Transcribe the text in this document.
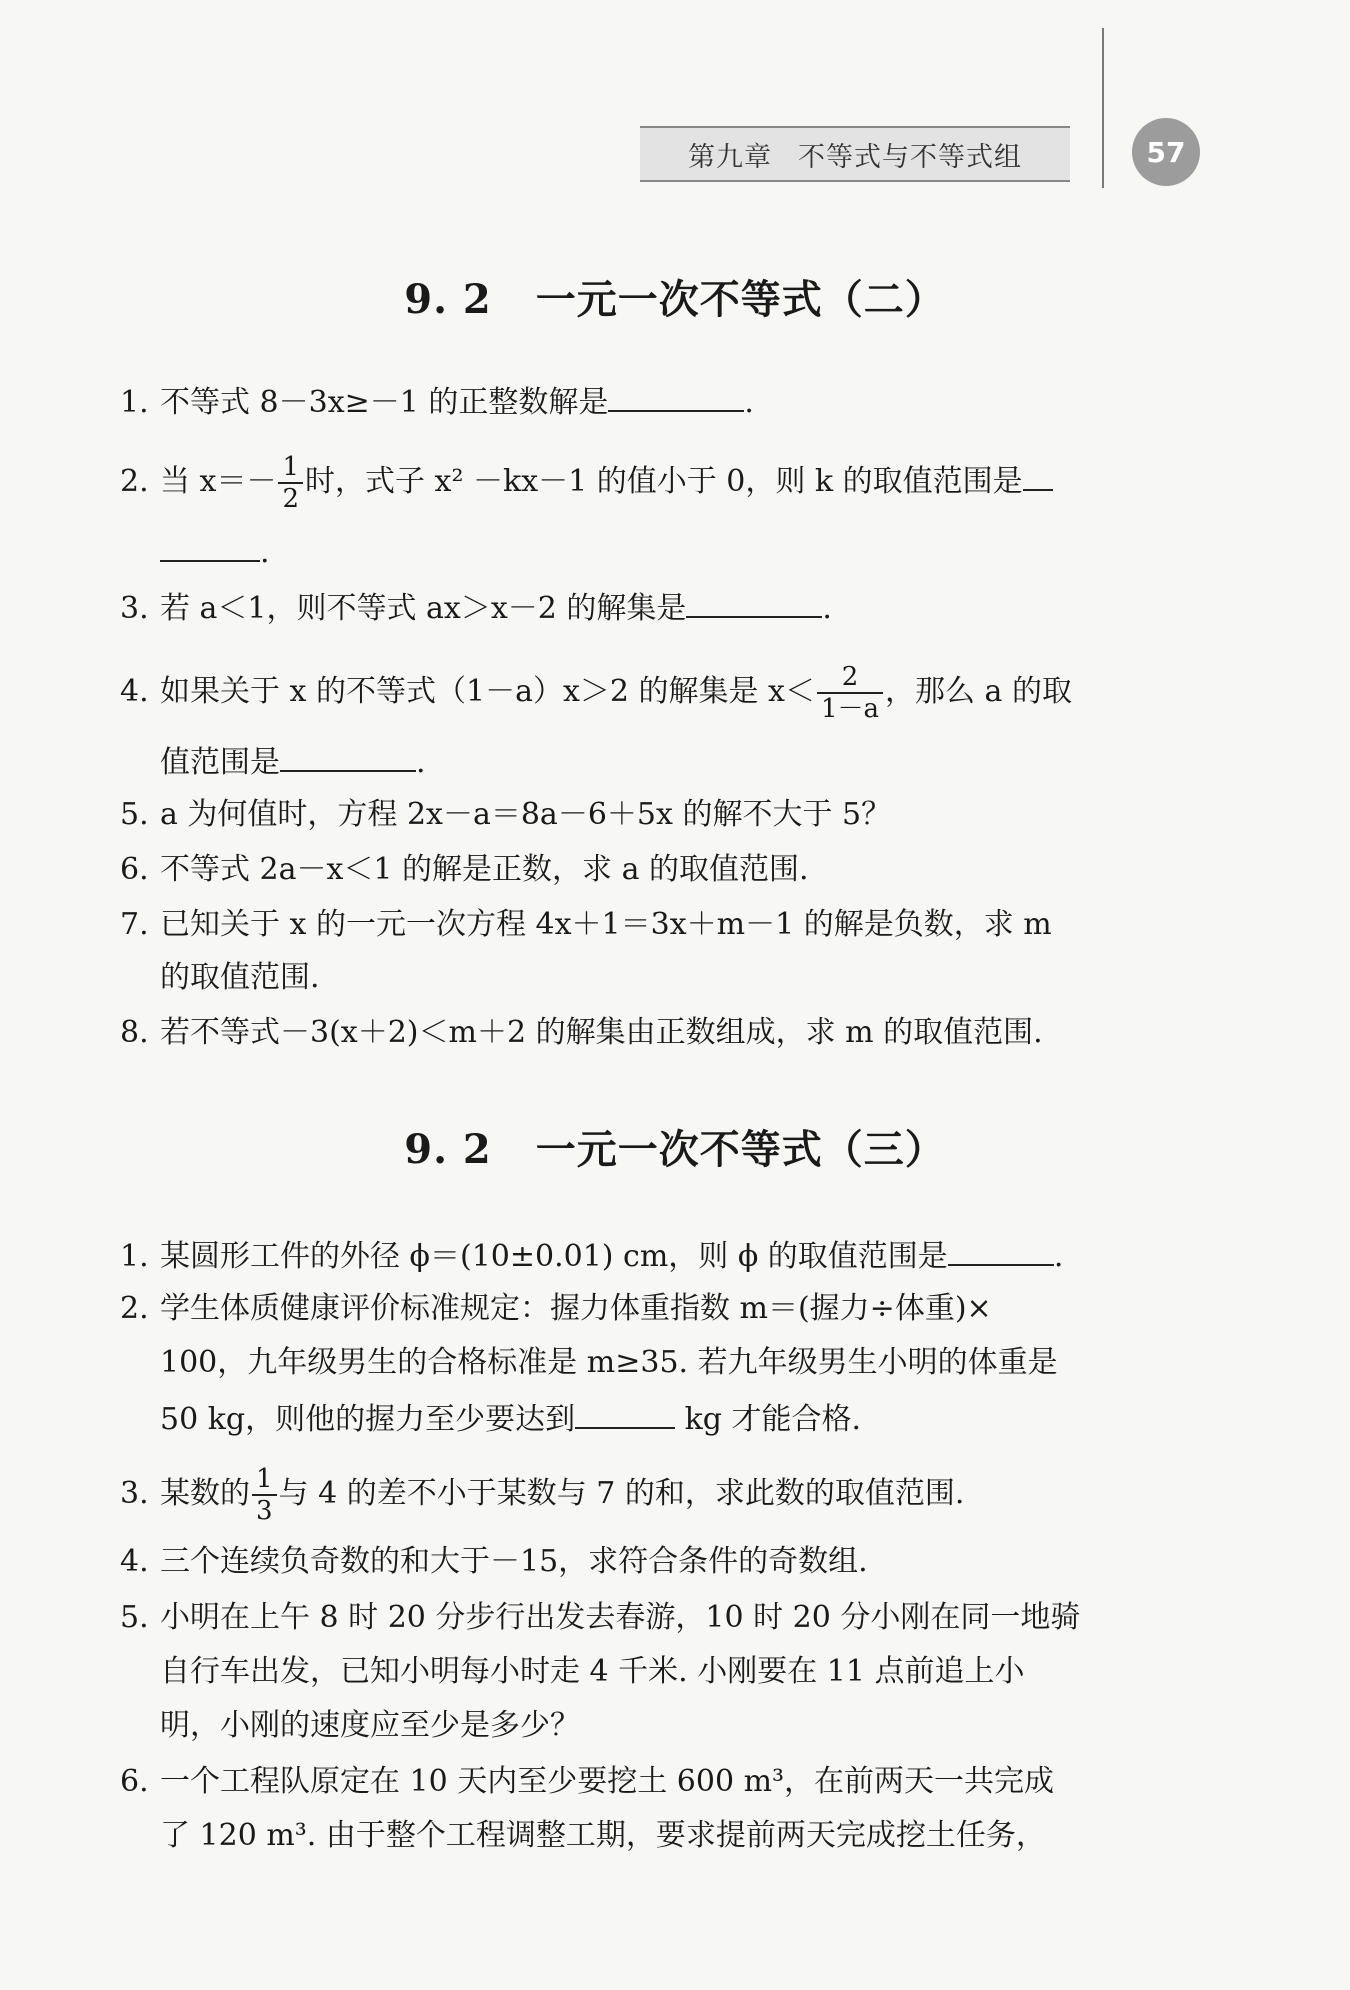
第九章 不等式与不等式组	57
9. 2 一元一次不等式（二）
1. 不等式 8－3x≥－1 的正整数解是	.
2. 当 $x=- \frac{1}{2}$ 时，式子 x² －kx－1 的值小于 0，则 k 的取值范围是
.
3. 若 a＜1，则不等式 ax＞x－2 的解集是	.
4. 如果关于 x 的不等式（1－a）x＞2 的解集是 $x< \frac{2}{1-a}$ ，那么 a 的取
值范围是	.
5. a 为何值时，方程 2x－a＝8a－6＋5x 的解不大于 5？
6. 不等式 2a－x＜1 的解是正数，求 a 的取值范围.
7. 已知关于 x 的一元一次方程 4x＋1＝3x＋m－1 的解是负数，求 m
的取值范围.
8. 若不等式－3(x＋2)＜m＋2 的解集由正数组成，求 m 的取值范围.
9. 2 一元一次不等式（三）
1. 某圆形工件的外径 ϕ＝(10±0.01) cm，则 ϕ 的取值范围是	.
2. 学生体质健康评价标准规定：握力体重指数 m＝(握力÷体重)×
100，九年级男生的合格标准是 m≥35. 若九年级男生小明的体重是
50 kg，则他的握力至少要达到	kg 才能合格.
3. 某数的 $\frac{1}{3}$ 与 4 的差不小于某数与 7 的和，求此数的取值范围.
4. 三个连续负奇数的和大于－15，求符合条件的奇数组.
5. 小明在上午 8 时 20 分步行出发去春游，10 时 20 分小刚在同一地骑
自行车出发，已知小明每小时走 4 千米. 小刚要在 11 点前追上小
明，小刚的速度应至少是多少？
6. 一个工程队原定在 10 天内至少要挖土 600 m³，在前两天一共完成
了 120 m³. 由于整个工程调整工期，要求提前两天完成挖土任务，
